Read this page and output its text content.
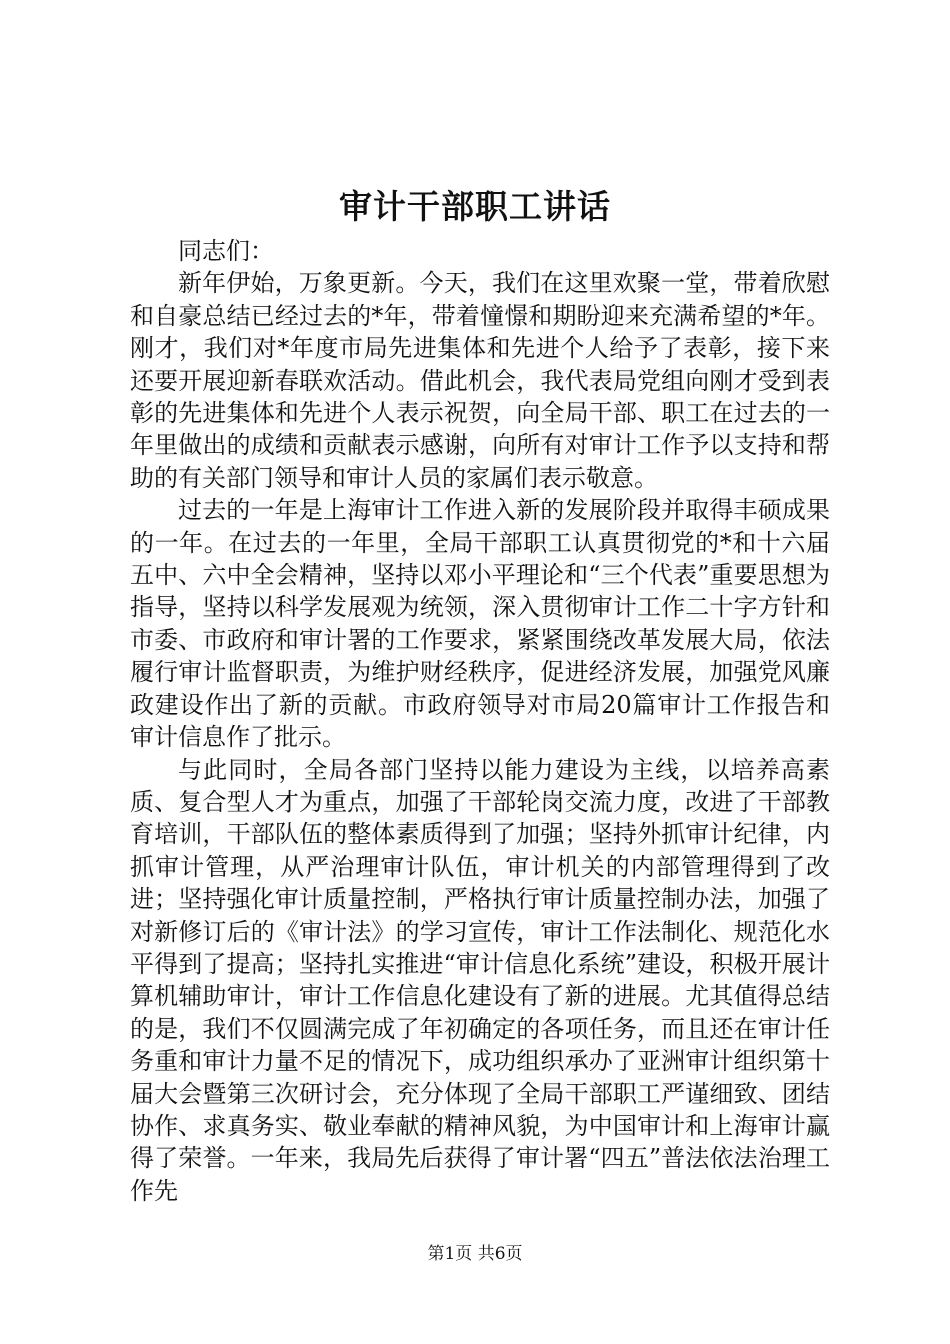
审计干部职工讲话

同志们：

新年伊始，万象更新。今天，我们在这里欢聚一堂，带着欣慰和自豪总结已经过去的*年，带着憧憬和期盼迎来充满希望的*年。刚才，我们对*年度市局先进集体和先进个人给予了表彰，接下来还要开展迎新春联欢活动。借此机会，我代表局党组向刚才受到表彰的先进集体和先进个人表示祝贺，向全局干部、职工在过去的一年里做出的成绩和贡献表示感谢，向所有对审计工作予以支持和帮助的有关部门领导和审计人员的家属们表示敬意。

过去的一年是上海审计工作进入新的发展阶段并取得丰硕成果的一年。在过去的一年里，全局干部职工认真贯彻党的*和十六届五中、六中全会精神，坚持以邓小平理论和“三个代表”重要思想为指导，坚持以科学发展观为统领，深入贯彻审计工作二十字方针和市委、市政府和审计署的工作要求，紧紧围绕改革发展大局，依法履行审计监督职责，为维护财经秩序，促进经济发展，加强党风廉政建设作出了新的贡献。市政府领导对市局20篇审计工作报告和审计信息作了批示。

与此同时，全局各部门坚持以能力建设为主线，以培养高素质、复合型人才为重点，加强了干部轮岗交流力度，改进了干部教育培训，干部队伍的整体素质得到了加强；坚持外抓审计纪律，内抓审计管理，从严治理审计队伍，审计机关的内部管理得到了改进；坚持强化审计质量控制，严格执行审计质量控制办法，加强了对新修订后的《审计法》的学习宣传，审计工作法制化、规范化水平得到了提高；坚持扎实推进“审计信息化系统”建设，积极开展计算机辅助审计，审计工作信息化建设有了新的进展。尤其值得总结的是，我们不仅圆满完成了年初确定的各项任务，而且还在审计任务重和审计力量不足的情况下，成功组织承办了亚洲审计组织第十届大会暨第三次研讨会，充分体现了全局干部职工严谨细致、团结协作、求真务实、敬业奉献的精神风貌，为中国审计和上海审计赢得了荣誉。一年来，我局先后获得了审计署“四五”普法依法治理工作先

第1页 共6页
